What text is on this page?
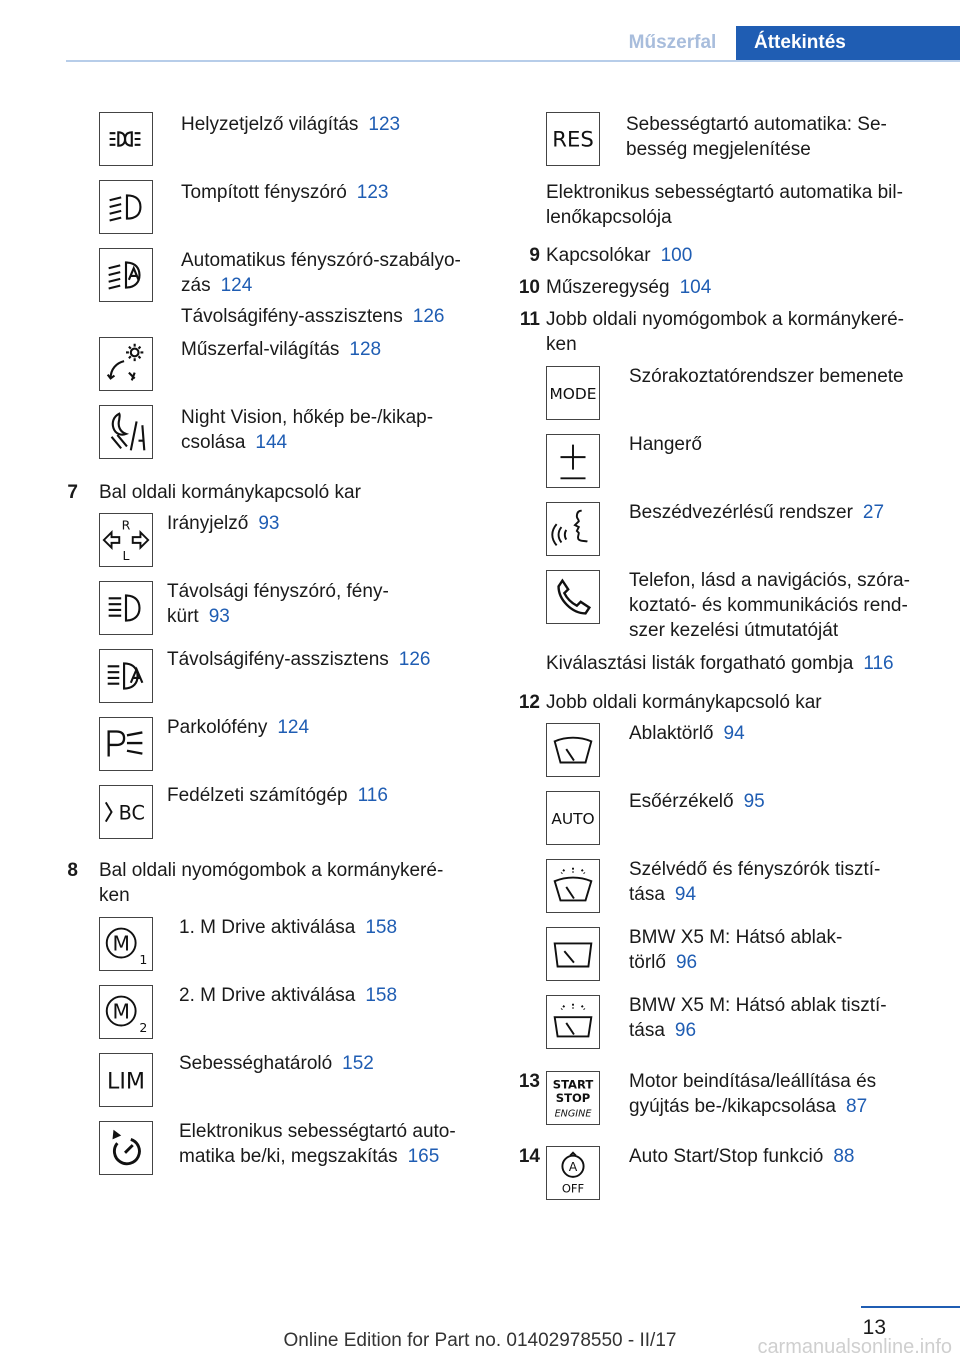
Műszerfal	Áttekintés
Helyzetjelző világítás 123
Tompított fényszóró 123
Automatikus fényszóró-szabályo-
zás 124
Távolságifény-asszisztens 126
Műszerfal-világítás 128
Night Vision, hőkép be-/kikap-
csolása 144
7 Bal oldali kormánykapcsoló kar
R
L
Irányjelző 93
Távolsági fényszóró, fény-
kürt 93
Távolságifény-asszisztens 126
Parkolófény 124
BC
Fedélzeti számítógép 116
8 Bal oldali nyomógombok a kormánykeré-
ken
M
1
1. M Drive aktiválása 158
M
2
2. M Drive aktiválása 158
LIM
Sebességhatároló 152
Elektronikus sebességtartó auto-
matika be/ki, megszakítás 165
RES
Sebességtartó automatika: Se-
besség megjelenítése
Elektronikus sebességtartó automatika bil-
lenőkapcsolója
9 Kapcsolókar 100
10 Műszeregység 104
11 Jobb oldali nyomógombok a kormánykeré-
ken
MODE
Szórakoztatórendszer bemenete
Hangerő
Beszédvezérlésű rendszer 27
Telefon, lásd a navigációs, szóra-
koztató- és kommunikációs rend-
szer kezelési útmutatóját
Kiválasztási listák forgatható gombja 116
12 Jobb oldali kormánykapcsoló kar
Ablaktörlő 94
AUTO
Esőérzékelő 95
Szélvédő és fényszórók tisztí-
tása 94
BMW X5 M: Hátsó ablak-
törlő 96
BMW X5 M: Hátsó ablak tisztí-
tása 96
13 START
STOP
ENGINE
Motor beindítása/leállítása és
gyújtás be-/kikapcsolása 87
14 A
OFF
Auto Start/Stop funkció 88
13
Online Edition for Part no. 01402978550 - II/17	carmanualsonline.info
